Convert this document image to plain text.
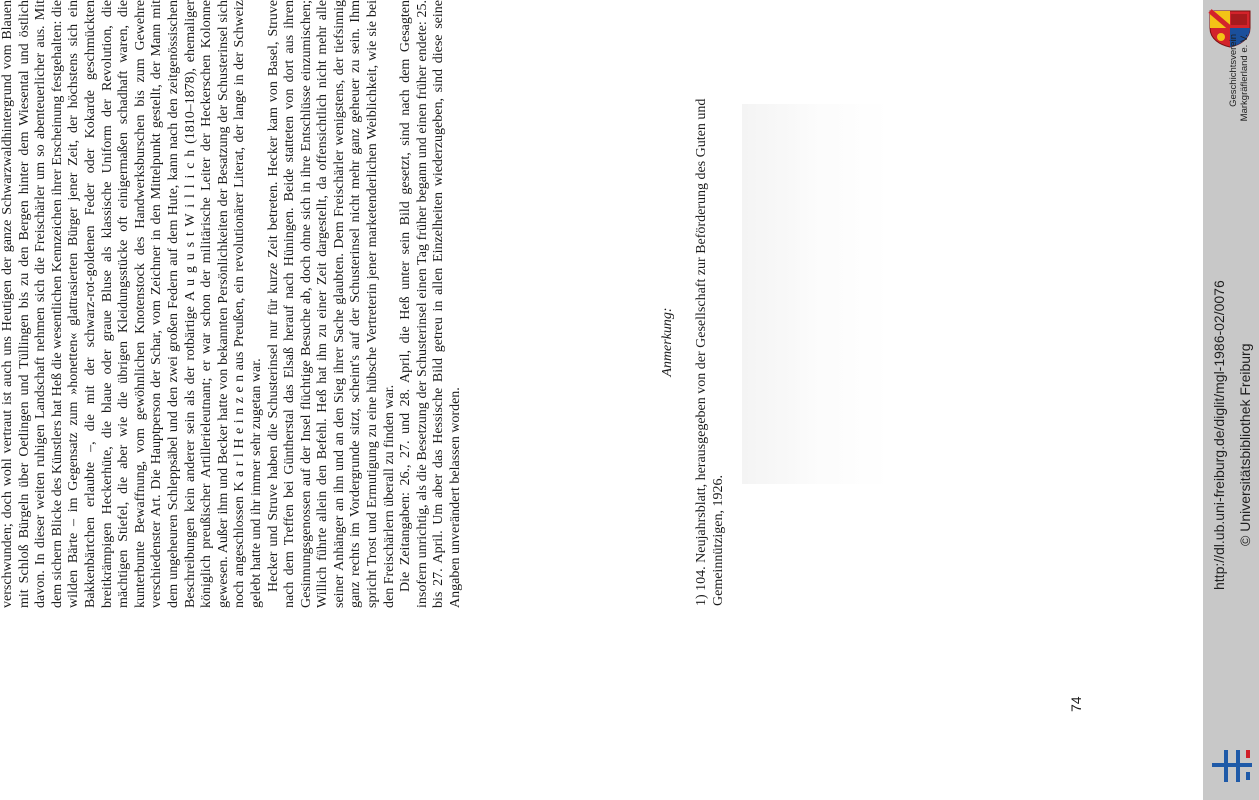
verschwunden; doch wohl vertraut ist auch uns Heutigen der ganze Schwarzwaldhintergrund vom Blauen mit Schloß Bürgeln über Oetlingen und Tüllingen bis zu den Bergen hinter dem Wiesental und östlich davon. In dieser weiten ruhigen Landschaft nehmen sich die Freischärler um so abenteuerlicher aus. Mit dem sichern Blicke des Künstlers hat Heß die wesentlichen Kennzeichen ihrer Erscheinung festgehalten: die wilden Bärte – im Gegensatz zum »honetten« glattrasierten Bürger jener Zeit, der höchstens sich ein Bakkenbärtchen erlaubte –, die mit der schwarz-rot-goldenen Feder oder Kokarde geschmückten breitkrämpigen Heckerhüte, die blaue oder graue Bluse als klassische Uniform der Revolution, die mächtigen Stiefel, die aber wie die übrigen Kleidungsstücke oft einigermaßen schadhaft waren, die kunterbunte Bewaffnung, vom gewöhnlichen Knotenstock des Handwerksburschen bis zum Gewehre verschiedenster Art. Die Hauptperson der Schar, vom Zeichner in den Mittelpunkt gestellt, der Mann mit dem ungeheuren Schleppsäbel und den zwei großen Federn auf dem Hute, kann nach den zeitgenössischen Beschreibungen kein anderer sein als der rotbärtige A u g u s t W i l l i c h (1810–1878), ehemaliger königlich preußischer Artillerieleutnant; er war schon der militärische Leiter der Heckerschen Kolonne gewesen. Außer ihm und Becker hatte von bekannten Persönlichkeiten der Besatzung der Schusterinsel sich noch angeschlossen K a r l H e i n z e n aus Preußen, ein revolutionärer Literat, der lange in der Schweiz gelebt hatte und ihr immer sehr zugetan war. Hecker und Struve haben die Schusterinsel nur für kurze Zeit betreten. Hecker kam von Basel, Struve nach dem Treffen bei Güntherstal das Elsaß herauf nach Hüningen. Beide statteten von dort aus ihren Gesinnungsgenossen auf der Insel flüchtige Besuche ab, doch ohne sich in ihre Entschlüsse einzumischen; Willich führte allein den Befehl. Heß hat ihn zu einer Zeit dargestellt, da offensichtlich nicht mehr alle seiner Anhänger an ihn und an den Sieg ihrer Sache glaubten. Dem Freischärler wenigstens, der tiefsinnig ganz rechts im Vordergrunde sitzt, scheint's auf der Schusterinsel nicht mehr ganz geheuer zu sein. Ihm spricht Trost und Ermutigung zu eine hübsche Vertreterin jener marketenderlichen Weiblichkeit, wie sie bei den Freischärlern überall zu finden war. Die Zeitangaben: 26., 27. und 28. April, die Heß unter sein Bild gesetzt, sind nach dem Gesagten insofern unrichtig, als die Besetzung der Schusterinsel einen Tag früher begann und einen früher endete: 25. bis 27. April. Um aber das Hessische Bild getreu in allen Einzelheiten wiederzugeben, sind diese seine Angaben unverändert belassen worden.

Anmerkung: 1) 104. Neujahrsblatt, herausgegeben von der Gesellschaft zur Beförderung des Guten und Gemeinnützigen, 1926.
74
Geschichtsverein Markgräflerland e. V.
http://dl.ub.uni-freiburg.de/diglit/mgl-1986-02/0076 © Universitätsbibliothek Freiburg
